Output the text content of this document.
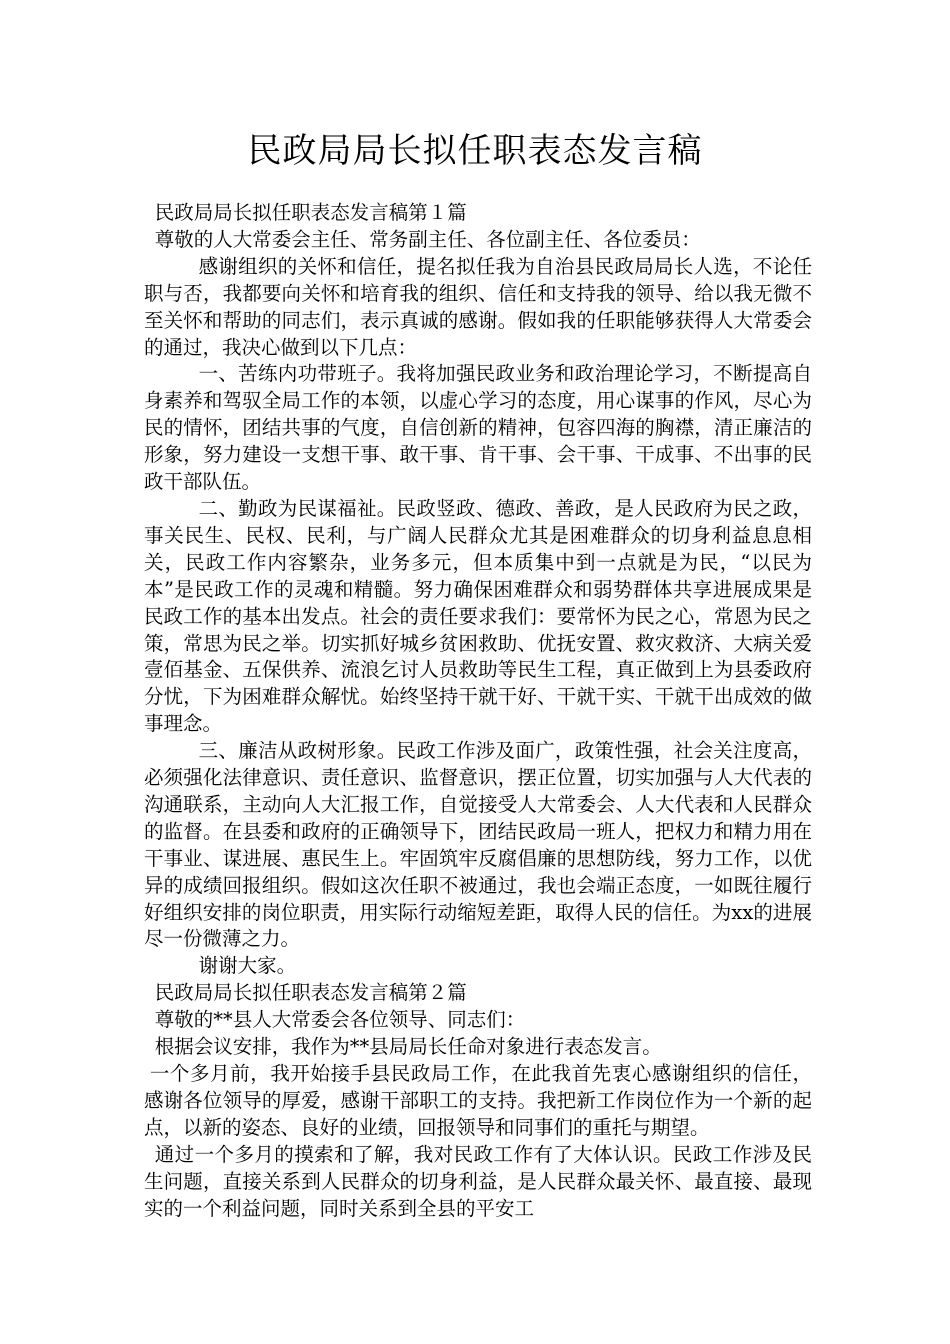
民政局局长拟任职表态发言稿

民政局局长拟任职表态发言稿第１篇

尊敬的人大常委会主任、常务副主任、各位副主任、各位委员：

感谢组织的关怀和信任，提名拟任我为自治县民政局局长人选，不论任职与否，我都要向关怀和培育我的组织、信任和支持我的领导、给以我无微不至关怀和帮助的同志们，表示真诚的感谢。假如我的任职能够获得人大常委会的通过，我决心做到以下几点：

一、苦练内功带班子。我将加强民政业务和政治理论学习，不断提高自身素养和驾驭全局工作的本领，以虚心学习的态度，用心谋事的作风，尽心为民的情怀，团结共事的气度，自信创新的精神，包容四海的胸襟，清正廉洁的形象，努力建设一支想干事、敢干事、肯干事、会干事、干成事、不出事的民政干部队伍。

二、勤政为民谋福祉。民政竖政、德政、善政，是人民政府为民之政，事关民生、民权、民利，与广阔人民群众尤其是困难群众的切身利益息息相关，民政工作内容繁杂，业务多元，但本质集中到一点就是为民，“以民为本”是民政工作的灵魂和精髓。努力确保困难群众和弱势群体共享进展成果是民政工作的基本出发点。社会的责任要求我们：要常怀为民之心，常恩为民之策，常思为民之举。切实抓好城乡贫困救助、优抚安置、救灾救济、大病关爱壹佰基金、五保供养、流浪乞讨人员救助等民生工程，真正做到上为县委政府分忧，下为困难群众解忧。始终坚持干就干好、干就干实、干就干出成效的做事理念。

三、廉洁从政树形象。民政工作涉及面广，政策性强，社会关注度高，必须强化法律意识、责任意识、监督意识，摆正位置，切实加强与人大代表的沟通联系，主动向人大汇报工作，自觉接受人大常委会、人大代表和人民群众的监督。在县委和政府的正确领导下，团结民政局一班人，把权力和精力用在干事业、谋进展、惠民生上。牢固筑牢反腐倡廉的思想防线，努力工作，以优异的成绩回报组织。假如这次任职不被通过，我也会端正态度，一如既往履行好组织安排的岗位职责，用实际行动缩短差距，取得人民的信任。为xx的进展尽一份微薄之力。

谢谢大家。

民政局局长拟任职表态发言稿第２篇

尊敬的**县人大常委会各位领导、同志们：

根据会议安排，我作为**县局局长任命对象进行表态发言。

一个多月前，我开始接手县民政局工作，在此我首先衷心感谢组织的信任，感谢各位领导的厚爱，感谢干部职工的支持。我把新工作岗位作为一个新的起点，以新的姿态、良好的业绩，回报领导和同事们的重托与期望。

通过一个多月的摸索和了解，我对民政工作有了大体认识。民政工作涉及民生问题，直接关系到人民群众的切身利益，是人民群众最关怀、最直接、最现实的一个利益问题，同时关系到全县的平安工
